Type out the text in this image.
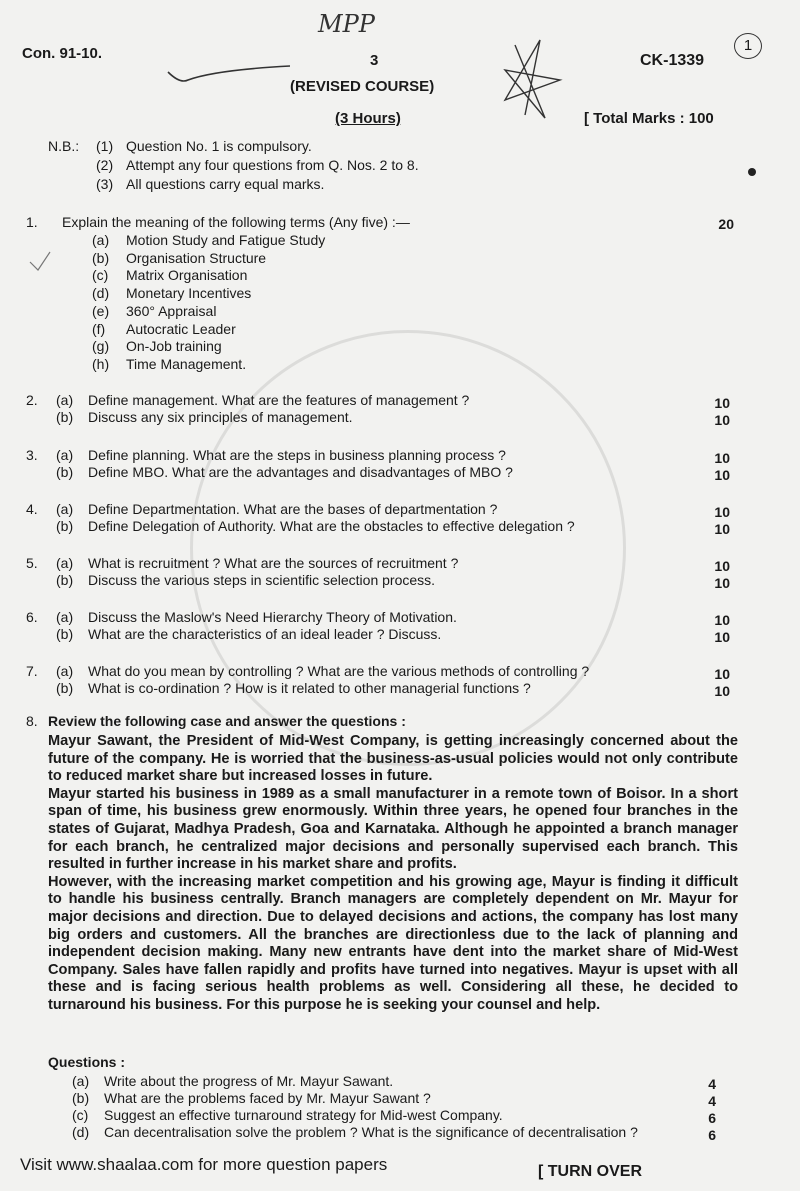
Con. 91-10.
MPP
3	CK-1339
1
(REVISED COURSE)
(3 Hours)	[ Total Marks : 100
N.B.: (1) Question No. 1 is compulsory.
(2) Attempt any four questions from Q. Nos. 2 to 8.
(3) All questions carry equal marks.
1. Explain the meaning of the following terms (Any five) :—	20
(a) Motion Study and Fatigue Study
(b) Organisation Structure
(c) Matrix Organisation
(d) Monetary Incentives
(e) 360° Appraisal
(f) Autocratic Leader
(g) On-Job training
(h) Time Management.
2. (a) Define management. What are the features of management ?	10
(b) Discuss any six principles of management.	10
3. (a) Define planning. What are the steps in business planning process ?	10
(b) Define MBO. What are the advantages and disadvantages of MBO ?	10
4. (a) Define Departmentation. What are the bases of departmentation ?	10
(b) Define Delegation of Authority. What are the obstacles to effective delegation ?	10
5. (a) What is recruitment ? What are the sources of recruitment ?	10
(b) Discuss the various steps in scientific selection process.	10
6. (a) Discuss the Maslow's Need Hierarchy Theory of Motivation.	10
(b) What are the characteristics of an ideal leader ? Discuss.	10
7. (a) What do you mean by controlling ? What are the various methods of controlling ?	10
(b) What is co-ordination ? How is it related to other managerial functions ?	10
8. Review the following case and answer the questions :

Mayur Sawant, the President of Mid-West Company, is getting increasingly concerned about the future of the company. He is worried that the business-as-usual policies would not only contribute to reduced market share but increased losses in future.

Mayur started his business in 1989 as a small manufacturer in a remote town of Boisor. In a short span of time, his business grew enormously. Within three years, he opened four branches in the states of Gujarat, Madhya Pradesh, Goa and Karnataka. Although he appointed a branch manager for each branch, he centralized major decisions and personally supervised each branch. This resulted in further increase in his market share and profits.

However, with the increasing market competition and his growing age, Mayur is finding it difficult to handle his business centrally. Branch managers are completely dependent on Mr. Mayur for major decisions and direction. Due to delayed decisions and actions, the company has lost many big orders and customers. All the branches are directionless due to the lack of planning and independent decision making. Many new entrants have dent into the market share of Mid-West Company. Sales have fallen rapidly and profits have turned into negatives. Mayur is upset with all these and is facing serious health problems as well. Considering all these, he decided to turnaround his business. For this purpose he is seeking your counsel and help.

Questions :
(a) Write about the progress of Mr. Mayur Sawant.	4
(b) What are the problems faced by Mr. Mayur Sawant ?	4
(c) Suggest an effective turnaround strategy for Mid-west Company.	6
(d) Can decentralisation solve the problem ? What is the significance of decentralisation ?	6
Visit www.shaalaa.com for more question papers	[ TURN OVER
